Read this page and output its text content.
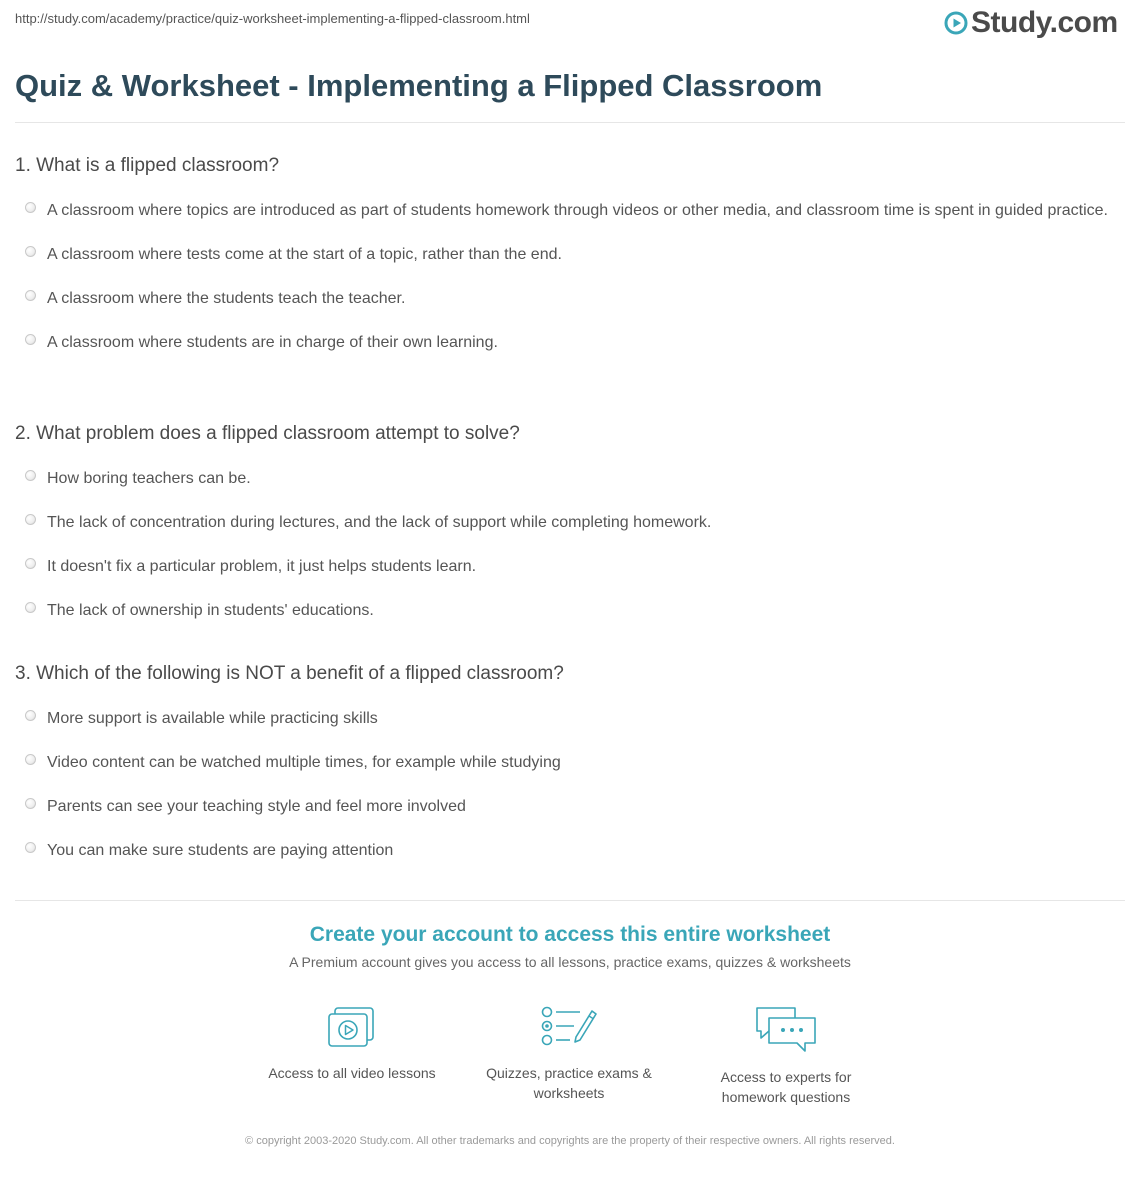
http://study.com/academy/practice/quiz-worksheet-implementing-a-flipped-classroom.html	Study.com
Quiz & Worksheet - Implementing a Flipped Classroom
1. What is a flipped classroom?
A classroom where topics are introduced as part of students homework through videos or other media, and classroom time is spent in guided practice.
A classroom where tests come at the start of a topic, rather than the end.
A classroom where the students teach the teacher.
A classroom where students are in charge of their own learning.
2. What problem does a flipped classroom attempt to solve?
How boring teachers can be.
The lack of concentration during lectures, and the lack of support while completing homework.
It doesn't fix a particular problem, it just helps students learn.
The lack of ownership in students' educations.
3. Which of the following is NOT a benefit of a flipped classroom?
More support is available while practicing skills
Video content can be watched multiple times, for example while studying
Parents can see your teaching style and feel more involved
You can make sure students are paying attention
Create your account to access this entire worksheet
A Premium account gives you access to all lessons, practice exams, quizzes & worksheets
Access to all video lessons	Quizzes, practice exams & worksheets
Access to experts for homework questions
© copyright 2003-2020 Study.com. All other trademarks and copyrights are the property of their respective owners. All rights reserved.
